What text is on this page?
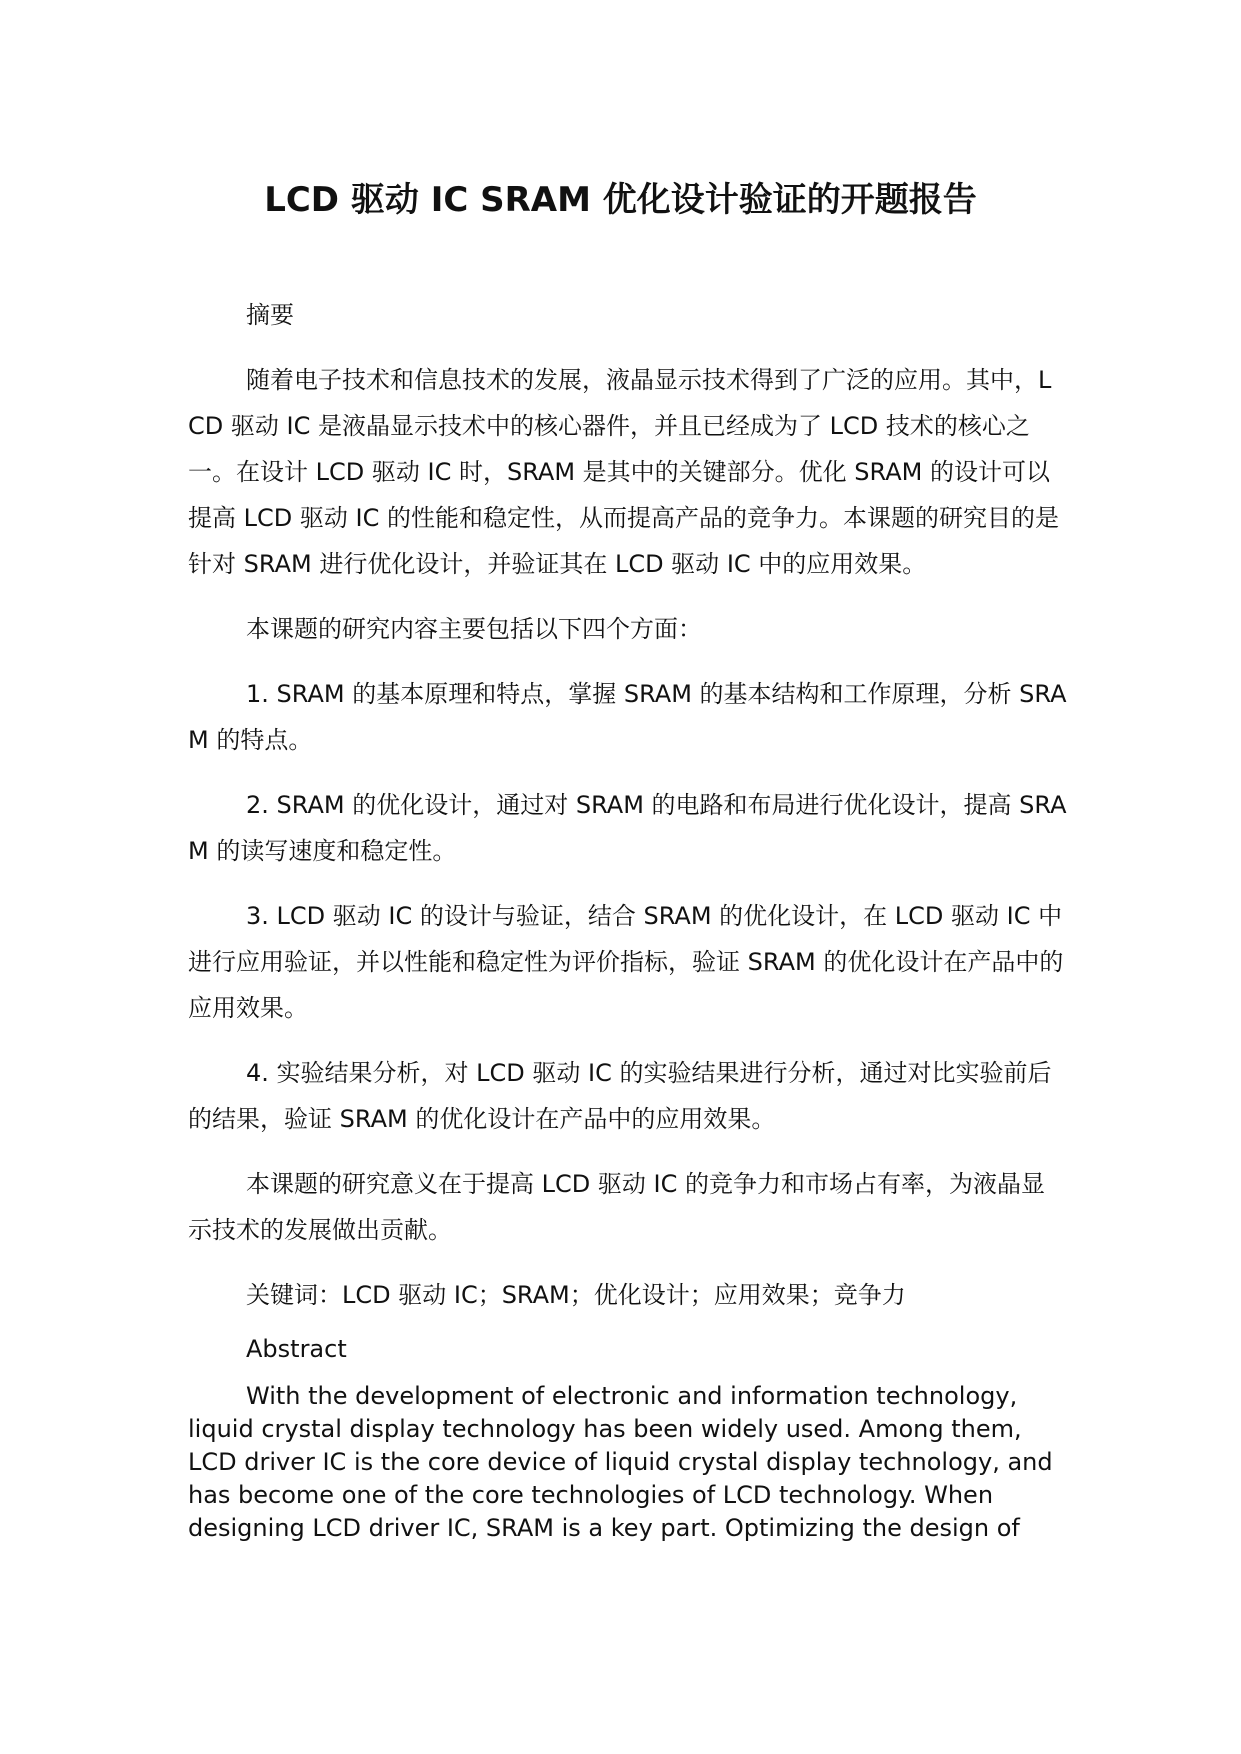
LCD 驱动 IC SRAM 优化设计验证的开题报告

摘要

随着电子技术和信息技术的发展，液晶显示技术得到了广泛的应用。其中，LCD 驱动 IC 是液晶显示技术中的核心器件，并且已经成为了 LCD 技术的核心之一。在设计 LCD 驱动 IC 时，SRAM 是其中的关键部分。优化 SRAM 的设计可以提高 LCD 驱动 IC 的性能和稳定性，从而提高产品的竞争力。本课题的研究目的是针对 SRAM 进行优化设计，并验证其在 LCD 驱动 IC 中的应用效果。

本课题的研究内容主要包括以下四个方面：

1. SRAM 的基本原理和特点，掌握 SRAM 的基本结构和工作原理，分析 SRAM 的特点。

2. SRAM 的优化设计，通过对 SRAM 的电路和布局进行优化设计，提高 SRAM 的读写速度和稳定性。

3. LCD 驱动 IC 的设计与验证，结合 SRAM 的优化设计，在 LCD 驱动 IC 中进行应用验证，并以性能和稳定性为评价指标，验证 SRAM 的优化设计在产品中的应用效果。

4. 实验结果分析，对 LCD 驱动 IC 的实验结果进行分析，通过对比实验前后的结果，验证 SRAM 的优化设计在产品中的应用效果。

本课题的研究意义在于提高 LCD 驱动 IC 的竞争力和市场占有率，为液晶显示技术的发展做出贡献。

关键词：LCD 驱动 IC；SRAM；优化设计；应用效果；竞争力

Abstract

With the development of electronic and information technology, liquid crystal display technology has been widely used. Among them, LCD driver IC is the core device of liquid crystal display technology, and has become one of the core technologies of LCD technology. When designing LCD driver IC, SRAM is a key part. Optimizing the design of
